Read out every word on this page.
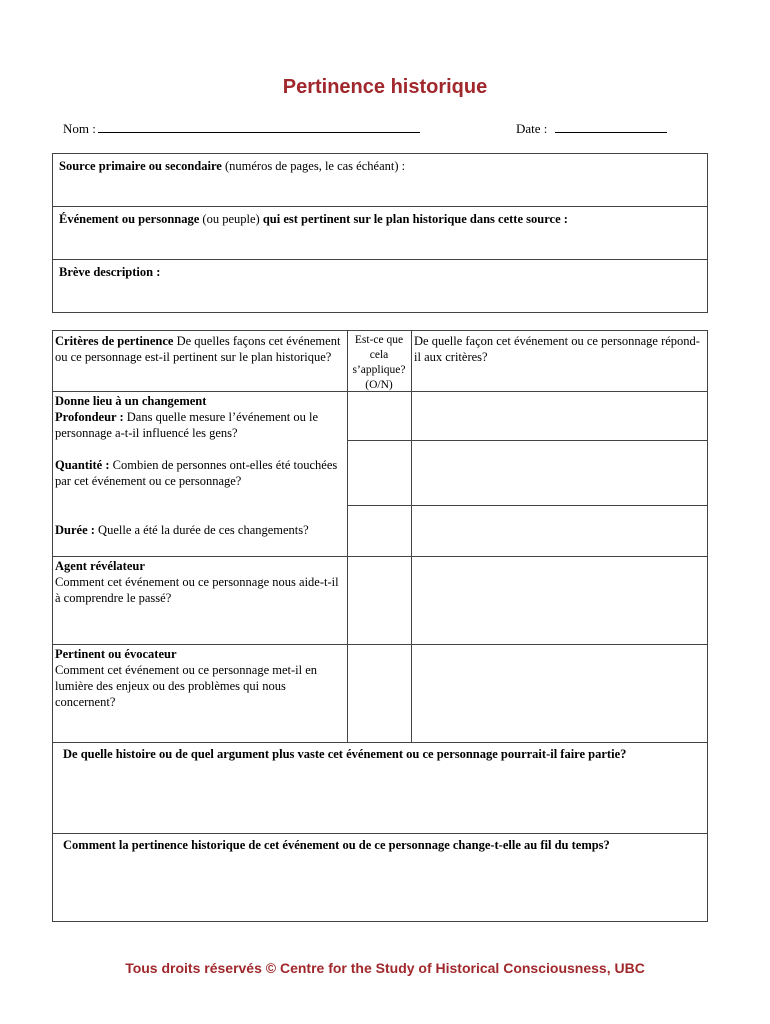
Pertinence historique
Nom :	Date :
Source primaire ou secondaire (numéros de pages, le cas échéant) :
Événement ou personnage (ou peuple) qui est pertinent sur le plan historique dans cette source :
Brève description :
Critères de pertinence De quelles façons cet événement ou ce personnage est-il pertinent sur le plan historique?
Est-ce que cela s’applique? (O/N)
De quelle façon cet événement ou ce personnage répond-il aux critères?
Donne lieu à un changement
Profondeur : Dans quelle mesure l’événement ou le personnage a-t-il influencé les gens?
Quantité : Combien de personnes ont-elles été touchées par cet événement ou ce personnage?
Durée : Quelle a été la durée de ces changements?
Agent révélateur
Comment cet événement ou ce personnage nous aide-t-il à comprendre le passé?
Pertinent ou évocateur
Comment cet événement ou ce personnage met-il en lumière des enjeux ou des problèmes qui nous concernent?
De quelle histoire ou de quel argument plus vaste cet événement ou ce personnage pourrait-il faire partie?
Comment la pertinence historique de cet événement ou de ce personnage change-t-elle au fil du temps?
Tous droits réservés © Centre for the Study of Historical Consciousness, UBC
